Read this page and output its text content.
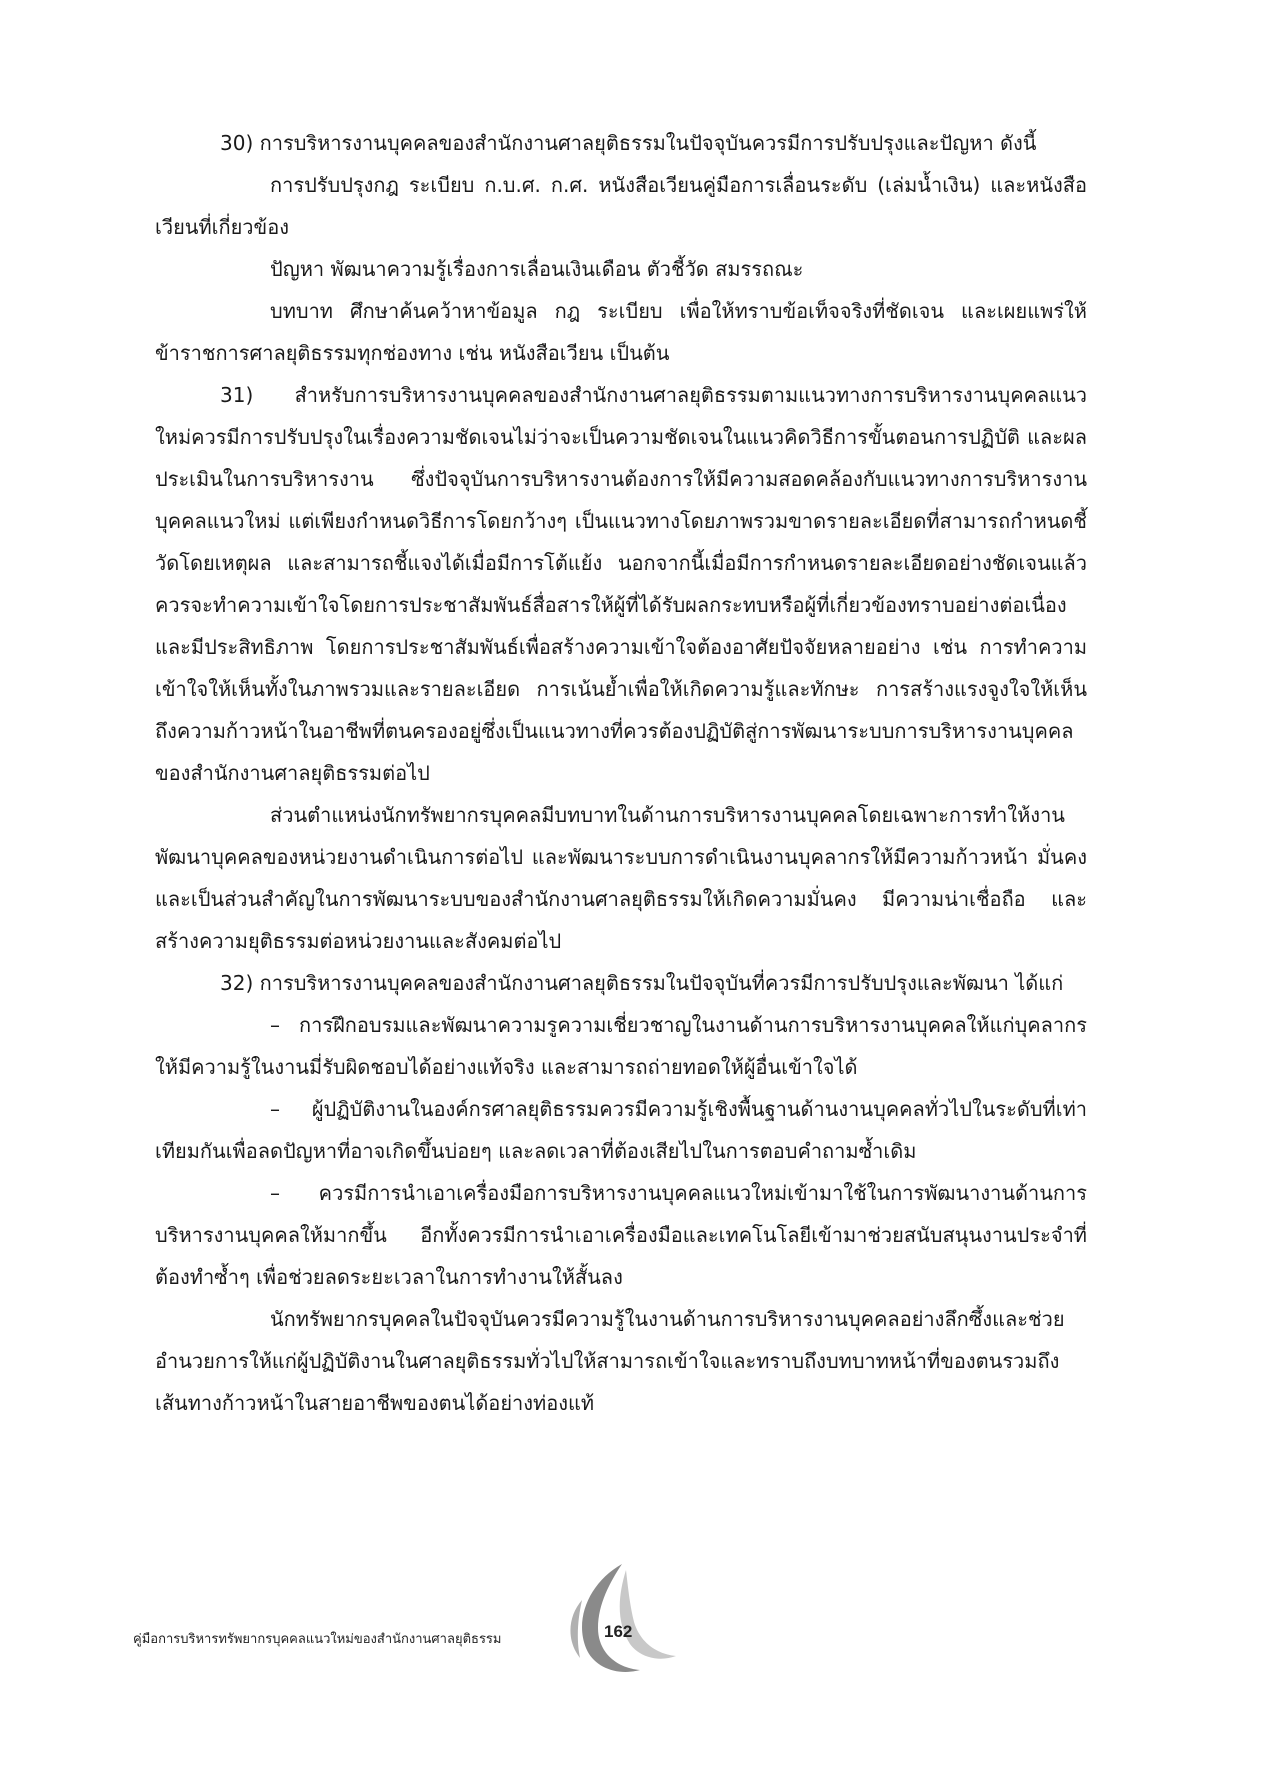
30) การบริหารงานบุคคลของสำนักงานศาลยุติธรรมในปัจจุบันควรมีการปรับปรุงและปัญหา ดังนี้

การปรับปรุงกฎ ระเบียบ ก.บ.ศ. ก.ศ. หนังสือเวียนคู่มือการเลื่อนระดับ (เล่มน้ำเงิน) และหนังสือเวียนที่เกี่ยวข้อง

ปัญหา พัฒนาความรู้เรื่องการเลื่อนเงินเดือน ตัวชี้วัด สมรรถณะ

บทบาท ศึกษาค้นคว้าหาข้อมูล กฎ ระเบียบ เพื่อให้ทราบข้อเท็จจริงที่ชัดเจน และเผยแพร่ให้ข้าราชการศาลยุติธรรมทุกช่องทาง เช่น หนังสือเวียน เป็นต้น

31) สำหรับการบริหารงานบุคคลของสำนักงานศาลยุติธรรมตามแนวทางการบริหารงานบุคคลแนวใหม่ควรมีการปรับปรุงในเรื่องความชัดเจนไม่ว่าจะเป็นความชัดเจนในแนวคิดวิธีการขั้นตอนการปฏิบัติ และผลประเมินในการบริหารงาน ซึ่งปัจจุบันการบริหารงานต้องการให้มีความสอดคล้องกับแนวทางการบริหารงานบุคคลแนวใหม่ แต่เพียงกำหนดวิธีการโดยกว้างๆ เป็นแนวทางโดยภาพรวมขาดรายละเอียดที่สามารถกำหนดชี้วัดโดยเหตุผล และสามารถชี้แจงได้เมื่อมีการโต้แย้ง นอกจากนี้เมื่อมีการกำหนดรายละเอียดอย่างชัดเจนแล้วควรจะทำความเข้าใจโดยการประชาสัมพันธ์สื่อสารให้ผู้ที่ได้รับผลกระทบหรือผู้ที่เกี่ยวข้องทราบอย่างต่อเนื่องและมีประสิทธิภาพ โดยการประชาสัมพันธ์เพื่อสร้างความเข้าใจต้องอาศัยปัจจัยหลายอย่าง เช่น การทำความเข้าใจให้เห็นทั้งในภาพรวมและรายละเอียด การเน้นย้ำเพื่อให้เกิดความรู้และทักษะ การสร้างแรงจูงใจให้เห็นถึงความก้าวหน้าในอาชีพที่ตนครองอยู่ซึ่งเป็นแนวทางที่ควรต้องปฏิบัติสู่การพัฒนาระบบการบริหารงานบุคคลของสำนักงานศาลยุติธรรมต่อไป

ส่วนตำแหน่งนักทรัพยากรบุคคลมีบทบาทในด้านการบริหารงานบุคคลโดยเฉพาะการทำให้งานพัฒนาบุคคลของหน่วยงานดำเนินการต่อไป และพัฒนาระบบการดำเนินงานบุคลากรให้มีความก้าวหน้า มั่นคง และเป็นส่วนสำคัญในการพัฒนาระบบของสำนักงานศาลยุติธรรมให้เกิดความมั่นคง มีความน่าเชื่อถือ และสร้างความยุติธรรมต่อหน่วยงานและสังคมต่อไป

32) การบริหารงานบุคคลของสำนักงานศาลยุติธรรมในปัจจุบันที่ควรมีการปรับปรุงและพัฒนา ได้แก่

– การฝึกอบรมและพัฒนาความรูความเชี่ยวชาญในงานด้านการบริหารงานบุคคลให้แก่บุคลากรให้มีความรู้ในงานมี่รับผิดชอบได้อย่างแท้จริง และสามารถถ่ายทอดให้ผู้อื่นเข้าใจได้

– ผู้ปฏิบัติงานในองค์กรศาลยุติธรรมควรมีความรู้เชิงพื้นฐานด้านงานบุคคลทั่วไปในระดับที่เท่าเทียมกันเพื่อลดปัญหาที่อาจเกิดขึ้นบ่อยๆ และลดเวลาที่ต้องเสียไปในการตอบคำถามซ้ำเดิม

– ควรมีการนำเอาเครื่องมือการบริหารงานบุคคลแนวใหม่เข้ามาใช้ในการพัฒนางานด้านการบริหารงานบุคคลให้มากขึ้น อีกทั้งควรมีการนำเอาเครื่องมือและเทคโนโลยีเข้ามาช่วยสนับสนุนงานประจำที่ต้องทำซ้ำๆ เพื่อช่วยลดระยะเวลาในการทำงานให้สั้นลง

นักทรัพยากรบุคคลในปัจจุบันควรมีความรู้ในงานด้านการบริหารงานบุคคลอย่างลึกซึ้งและช่วยอำนวยการให้แก่ผู้ปฏิบัติงานในศาลยุติธรรมทั่วไปให้สามารถเข้าใจและทราบถึงบทบาทหน้าที่ของตนรวมถึงเส้นทางก้าวหน้าในสายอาชีพของตนได้อย่างท่องแท้

คู่มือการบริหารทรัพยากรบุคคลแนวใหม่ของสำนักงานศาลยุติธรรม	162
